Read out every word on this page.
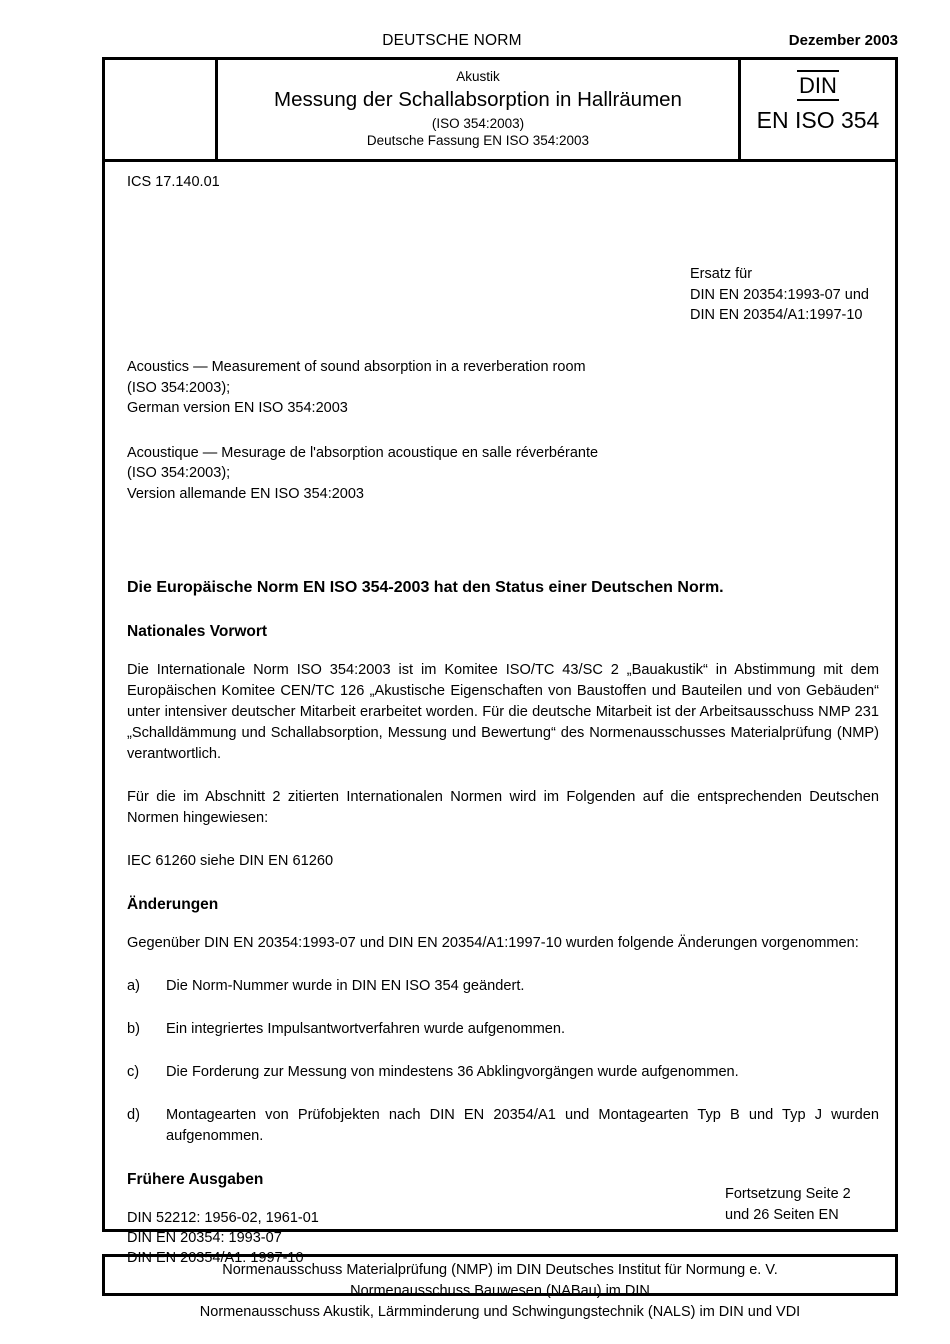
DEUTSCHE NORM	Dezember 2003
Akustik
Messung der Schallabsorption in Hallräumen
(ISO 354:2003)
Deutsche Fassung EN ISO 354:2003
DIN
EN ISO 354
ICS 17.140.01
Ersatz für
DIN EN 20354:1993-07 und
DIN EN 20354/A1:1997-10
Acoustics — Measurement of sound absorption in a reverberation room
(ISO 354:2003);
German version EN ISO 354:2003
Acoustique — Mesurage de l'absorption acoustique en salle réverbérante
(ISO 354:2003);
Version allemande EN ISO 354:2003
Die Europäische Norm EN ISO 354-2003 hat den Status einer Deutschen Norm.
Nationales Vorwort
Die Internationale Norm ISO 354:2003 ist im Komitee ISO/TC 43/SC 2 „Bauakustik“ in Abstimmung mit dem Europäischen Komitee CEN/TC 126 „Akustische Eigenschaften von Baustoffen und Bauteilen und von Gebäuden“ unter intensiver deutscher Mitarbeit erarbeitet worden. Für die deutsche Mitarbeit ist der Arbeitsausschuss NMP 231 „Schalldämmung und Schallabsorption, Messung und Bewertung“ des Normenausschusses Materialprüfung (NMP) verantwortlich.
Für die im Abschnitt 2 zitierten Internationalen Normen wird im Folgenden auf die entsprechenden Deutschen Normen hingewiesen:
IEC 61260 siehe DIN EN 61260
Änderungen
Gegenüber DIN EN 20354:1993-07 und DIN EN 20354/A1:1997-10 wurden folgende Änderungen vorgenommen:
a)	Die Norm-Nummer wurde in DIN EN ISO 354 geändert.
b)	Ein integriertes Impulsantwortverfahren wurde aufgenommen.
c)	Die Forderung zur Messung von mindestens 36 Abklingvorgängen wurde aufgenommen.
d)	Montagearten von Prüfobjekten nach DIN EN 20354/A1 und Montagearten Typ B und Typ J wurden aufgenommen.
Frühere Ausgaben
DIN 52212: 1956-02, 1961-01
DIN EN 20354: 1993-07
DIN EN 20354/A1: 1997-10
Fortsetzung Seite 2
und 26 Seiten EN
Normenausschuss Materialprüfung (NMP) im DIN Deutsches Institut für Normung e. V.
Normenausschuss Bauwesen (NABau) im DIN
Normenausschuss Akustik, Lärmminderung und Schwingungstechnik (NALS) im DIN und VDI
